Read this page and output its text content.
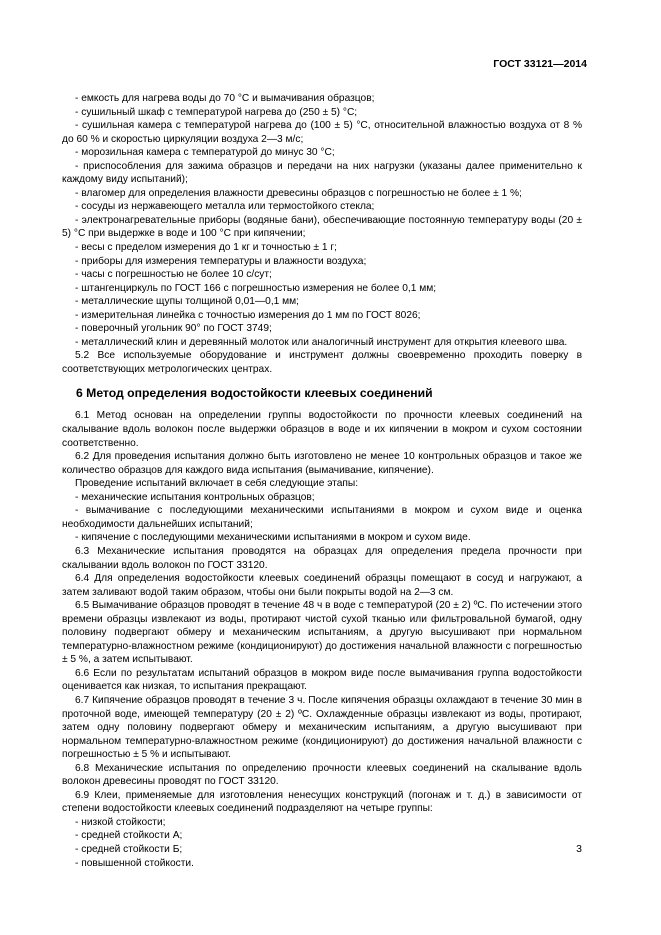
ГОСТ 33121—2014

- емкость для нагрева воды до 70 °С и вымачивания образцов;

- сушильный шкаф с температурой нагрева до (250 ± 5) °С;

- сушильная камера с температурой нагрева до (100 ± 5) °С, относительной влажностью воздуха от 8 % до 60 % и скоростью циркуляции воздуха 2—3 м/с;

- морозильная камера с температурой до минус 30 °С;

- приспособления для зажима образцов и передачи на них нагрузки (указаны далее применительно к каждому виду испытаний);

- влагомер для определения влажности древесины образцов с погрешностью не более ± 1 %;

- сосуды из нержавеющего металла или термостойкого стекла;

- электронагревательные приборы (водяные бани), обеспечивающие постоянную температуру воды (20 ± 5) °С при выдержке в воде и 100 °С при кипячении;

- весы с пределом измерения до 1 кг и точностью ± 1 г;

- приборы для измерения температуры и влажности воздуха;

- часы с погрешностью не более 10 с/сут;

- штангенциркуль по ГОСТ 166 с погрешностью измерения не более 0,1 мм;

- металлические щупы толщиной 0,01—0,1 мм;

- измерительная линейка с точностью измерения до 1 мм по ГОСТ 8026;

- поверочный угольник 90° по ГОСТ 3749;

- металлический клин и деревянный молоток или аналогичный инструмент для открытия клеевого шва.

5.2 Все используемые оборудование и инструмент должны своевременно проходить поверку в соответствующих метрологических центрах.

6 Метод определения водостойкости клеевых соединений

6.1 Метод основан на определении группы водостойкости по прочности клеевых соединений на скалывание вдоль волокон после выдержки образцов в воде и их кипячении в мокром и сухом состоянии соответственно.

6.2 Для проведения испытания должно быть изготовлено не менее 10 контрольных образцов и такое же количество образцов для каждого вида испытания (вымачивание, кипячение).

Проведение испытаний включает в себя следующие этапы:

- механические испытания контрольных образцов;

- вымачивание с последующими механическими испытаниями в мокром и сухом виде и оценка необходимости дальнейших испытаний;

- кипячение с последующими механическими испытаниями в мокром и сухом виде.

6.3 Механические испытания проводятся на образцах для определения предела прочности при скалывании вдоль волокон по ГОСТ 33120.

6.4 Для определения водостойкости клеевых соединений образцы помещают в сосуд и нагружают, а затем заливают водой таким образом, чтобы они были покрыты водой на 2—3 см.

6.5 Вымачивание образцов проводят в течение 48 ч в воде с температурой (20 ± 2) ºС. По истечении этого времени образцы извлекают из воды, протирают чистой сухой тканью или фильтровальной бумагой, одну половину подвергают обмеру и механическим испытаниям, а другую высушивают при нормальном температурно-влажностном режиме (кондиционируют) до достижения начальной влажности с погрешностью ± 5 %, а затем испытывают.

6.6 Если по результатам испытаний образцов в мокром виде после вымачивания группа водостойкости оценивается как низкая, то испытания прекращают.

6.7 Кипячение образцов проводят в течение 3 ч. После кипячения образцы охлаждают в течение 30 мин в проточной воде, имеющей температуру (20 ± 2) ºС. Охлажденные образцы извлекают из воды, протирают, затем одну половину подвергают обмеру и механическим испытаниям, а другую высушивают при нормальном температурно-влажностном режиме (кондиционируют) до достижения начальной влажности с погрешностью ± 5 % и испытывают.

6.8 Механические испытания по определению прочности клеевых соединений на скалывание вдоль волокон древесины проводят по ГОСТ 33120.

6.9 Клеи, применяемые для изготовления ненесущих конструкций (погонаж и т. д.) в зависимости от степени водостойкости клеевых соединений подразделяют на четыре группы:

- низкой стойкости;

- средней стойкости А;

- средней стойкости Б;

- повышенной стойкости.

3
